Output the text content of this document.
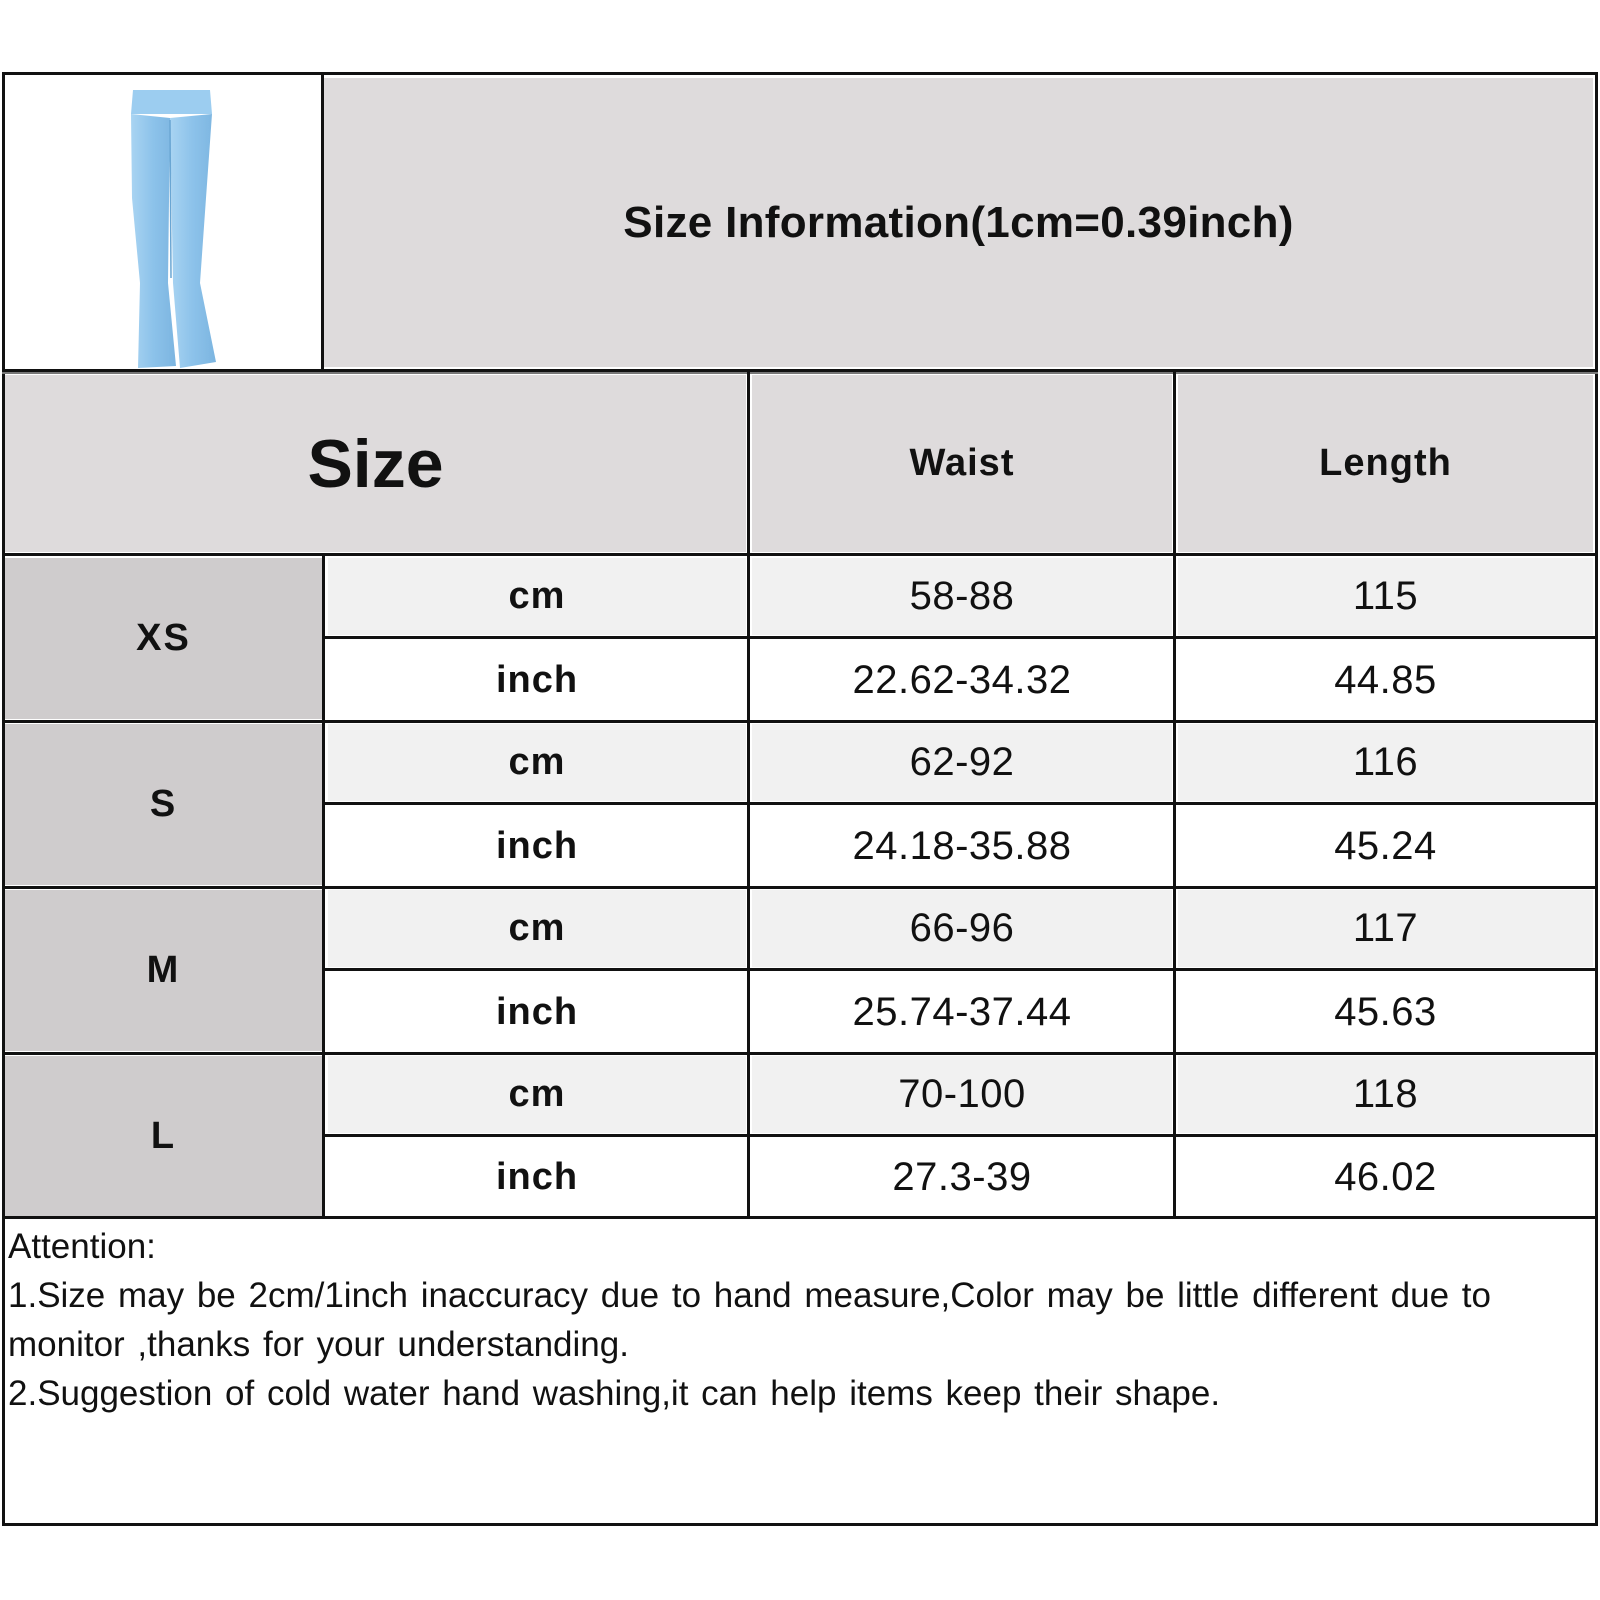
Size Information(1cm=0.39inch)
Size	Waist	Length
XS
cm	58-88	115
inch	22.62-34.32	44.85
S
cm	62-92	116
inch	24.18-35.88	45.24
M
cm	66-96	117
inch	25.74-37.44	45.63
L
cm	70-100	118
inch	27.3-39	46.02

Attention:

1.Size may be 2cm/1inch inaccuracy due to hand measure,Color may be little different due to monitor ,thanks for your understanding.

2.Suggestion of cold water hand washing,it can help items keep their shape.
